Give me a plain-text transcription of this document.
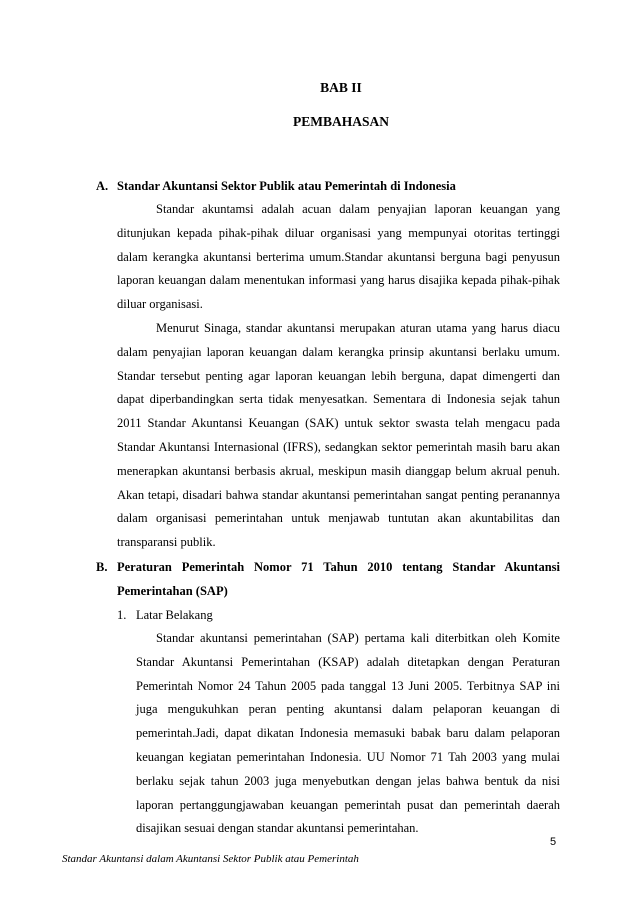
BAB II
PEMBAHASAN
A. Standar Akuntansi Sektor Publik atau Pemerintah di Indonesia

Standar akuntamsi adalah acuan dalam penyajian laporan keuangan yang ditunjukan kepada pihak-pihak diluar organisasi yang mempunyai otoritas tertinggi dalam kerangka akuntansi berterima umum.Standar akuntansi berguna bagi penyusun laporan keuangan dalam menentukan informasi yang harus disajika kepada pihak-pihak diluar organisasi.

Menurut Sinaga, standar akuntansi merupakan aturan utama yang harus diacu dalam penyajian laporan keuangan dalam kerangka prinsip akuntansi berlaku umum. Standar tersebut penting agar laporan keuangan lebih berguna, dapat dimengerti dan dapat diperbandingkan serta tidak menyesatkan. Sementara di Indonesia sejak tahun 2011 Standar Akuntansi Keuangan (SAK) untuk sektor swasta telah mengacu pada Standar Akuntansi Internasional (IFRS), sedangkan sektor pemerintah masih baru akan menerapkan akuntansi berbasis akrual, meskipun masih dianggap belum akrual penuh. Akan tetapi, disadari bahwa standar akuntansi pemerintahan sangat penting peranannya dalam organisasi pemerintahan untuk menjawab tuntutan akan akuntabilitas dan transparansi publik.

B. Peraturan Pemerintah Nomor 71 Tahun 2010 tentang Standar Akuntansi
Pemerintahan (SAP)
1. Latar Belakang

Standar akuntansi pemerintahan (SAP) pertama kali diterbitkan oleh Komite Standar Akuntansi Pemerintahan (KSAP) adalah ditetapkan dengan Peraturan Pemerintah Nomor 24 Tahun 2005 pada tanggal 13 Juni 2005. Terbitnya SAP ini juga mengukuhkan peran penting akuntansi dalam pelaporan keuangan di pemerintah.Jadi, dapat dikatan Indonesia memasuki babak baru dalam pelaporan keuangan kegiatan pemerintahan Indonesia. UU Nomor 71 Tah 2003 yang mulai berlaku sejak tahun 2003 juga menyebutkan dengan jelas bahwa bentuk da nisi laporan pertanggungjawaban keuangan pemerintah pusat dan pemerintah daerah disajikan sesuai dengan standar akuntansi pemerintahan.

5
Standar Akuntansi dalam Akuntansi Sektor Publik atau Pemerintah
